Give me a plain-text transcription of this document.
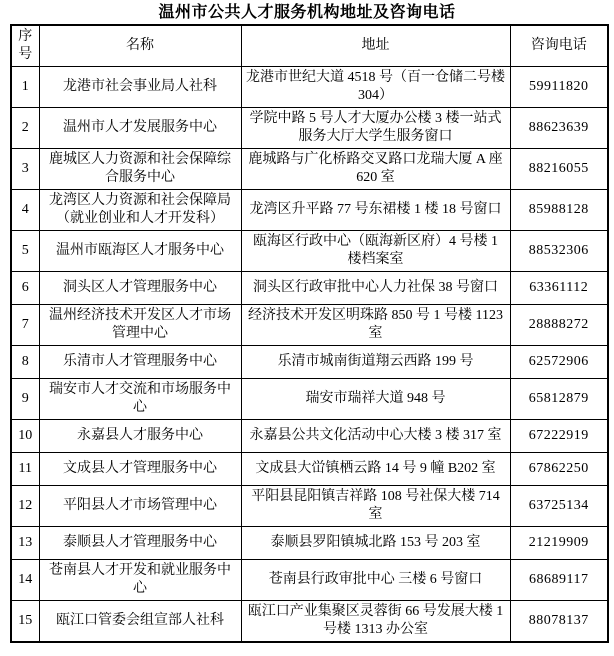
温州市公共人才服务机构地址及咨询电话
序号	名称	地址	咨询电话
1	龙港市社会事业局人社科	龙港市世纪大道 4518 号（百一仓储二号楼 304）	59911820
2	温州市人才发展服务中心	学院中路 5 号人才大厦办公楼 3 楼一站式服务大厅大学生服务窗口	88623639
3	鹿城区人力资源和社会保障综合服务中心	鹿城路与广化桥路交叉路口龙瑞大厦 A 座 620 室	88216055
4	龙湾区人力资源和社会保障局（就业创业和人才开发科）	龙湾区升平路 77 号东裙楼 1 楼 18 号窗口	85988128
5	温州市瓯海区人才服务中心	瓯海区行政中心（瓯海新区府）4 号楼 1 楼档案室	88532306
6	洞头区人才管理服务中心	洞头区行政审批中心人力社保 38 号窗口	63361112
7	温州经济技术开发区人才市场管理中心	经济技术开发区明珠路 850 号 1 号楼 1123 室	28888272
8	乐清市人才管理服务中心	乐清市城南街道翔云西路 199 号	62572906
9	瑞安市人才交流和市场服务中心	瑞安市瑞祥大道 948 号	65812879
10	永嘉县人才服务中心	永嘉县公共文化活动中心大楼 3 楼 317 室	67222919
11	文成县人才管理服务中心	文成县大峃镇栖云路 14 号 9 幢 B202 室	67862250
12	平阳县人才市场管理中心	平阳县昆阳镇吉祥路 108 号社保大楼 714 室	63725134
13	泰顺县人才管理服务中心	泰顺县罗阳镇城北路 153 号 203 室	21219909
14	苍南县人才开发和就业服务中心	苍南县行政审批中心 三楼 6 号窗口	68689117
15	瓯江口管委会组宣部人社科	瓯江口产业集聚区灵蓉街 66 号发展大楼 1 号楼 1313 办公室	88078137
